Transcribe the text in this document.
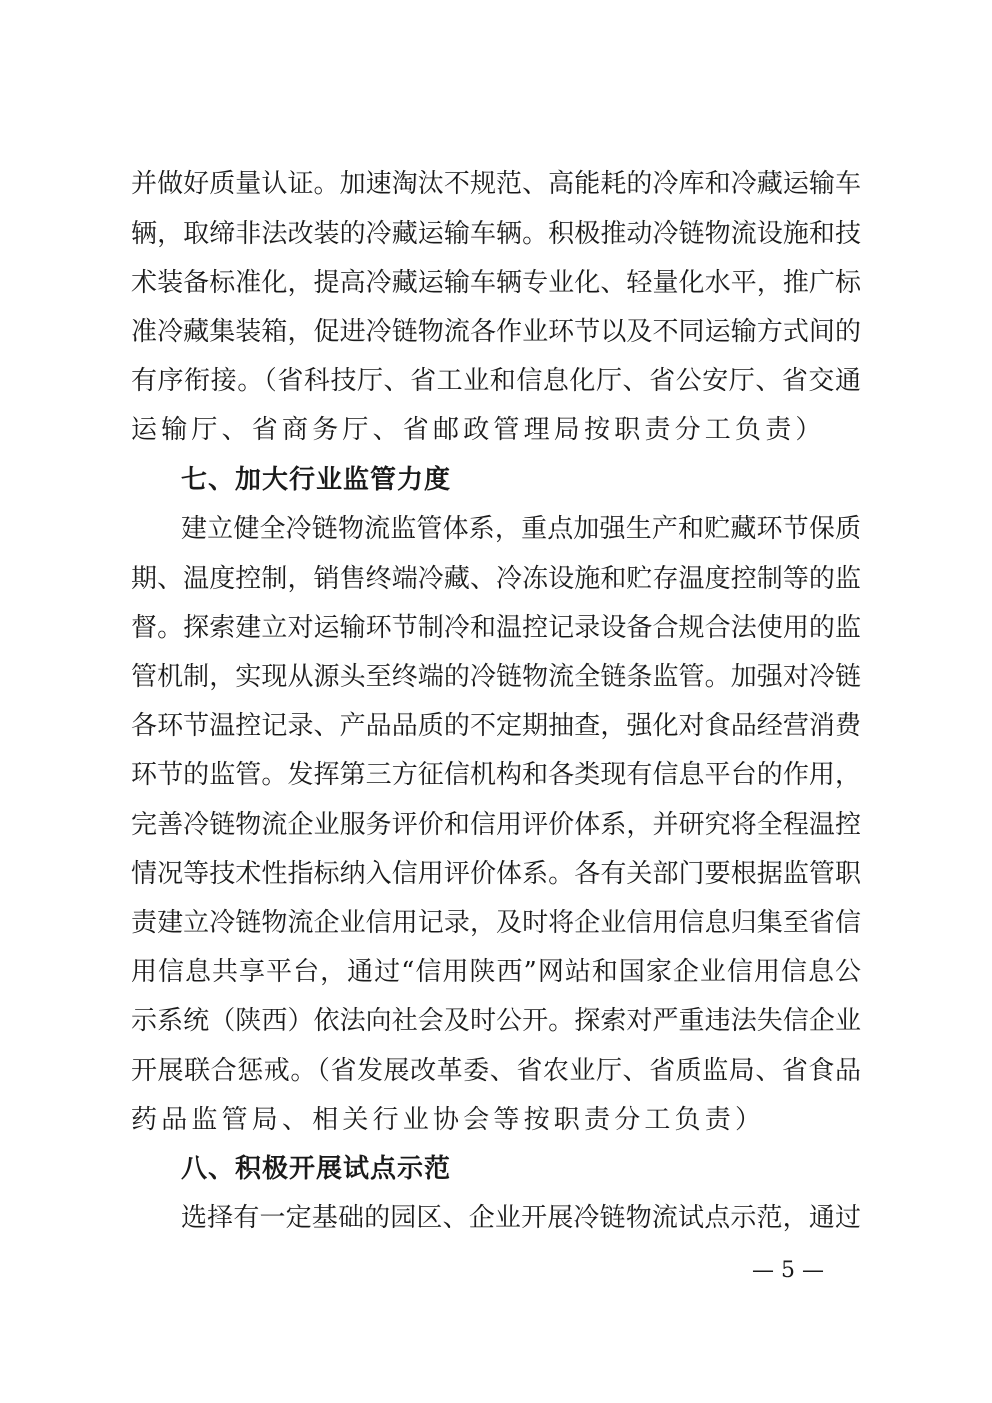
并做好质量认证。加速淘汰不规范、高能耗的冷库和冷藏运输车
辆，取缔非法改装的冷藏运输车辆。积极推动冷链物流设施和技
术装备标准化，提高冷藏运输车辆专业化、轻量化水平，推广标
准冷藏集装箱，促进冷链物流各作业环节以及不同运输方式间的
有序衔接。（省科技厅、省工业和信息化厅、省公安厅、省交通
运输厅、省商务厅、省邮政管理局按职责分工负责）
七、加大行业监管力度
建立健全冷链物流监管体系，重点加强生产和贮藏环节保质
期、温度控制，销售终端冷藏、冷冻设施和贮存温度控制等的监
督。探索建立对运输环节制冷和温控记录设备合规合法使用的监
管机制，实现从源头至终端的冷链物流全链条监管。加强对冷链
各环节温控记录、产品品质的不定期抽查，强化对食品经营消费
环节的监管。发挥第三方征信机构和各类现有信息平台的作用，
完善冷链物流企业服务评价和信用评价体系，并研究将全程温控
情况等技术性指标纳入信用评价体系。各有关部门要根据监管职
责建立冷链物流企业信用记录，及时将企业信用信息归集至省信
用信息共享平台，通过“信用陕西”网站和国家企业信用信息公
示系统（陕西）依法向社会及时公开。探索对严重违法失信企业
开展联合惩戒。（省发展改革委、省农业厅、省质监局、省食品
药品监管局、相关行业协会等按职责分工负责）
八、积极开展试点示范
选择有一定基础的园区、企业开展冷链物流试点示范，通过
— 5 —
